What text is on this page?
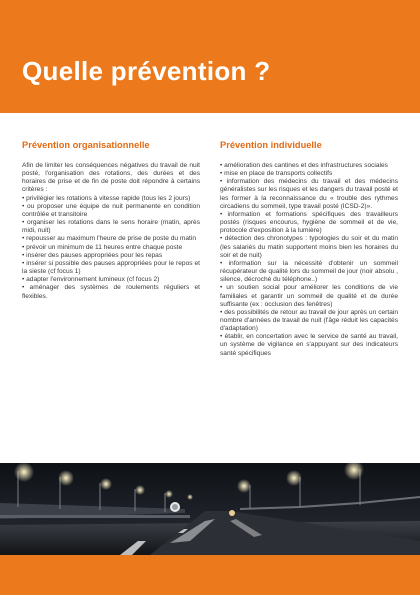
Quelle prévention ?
Prévention organisationnelle

Afin de limiter les conséquences négatives du travail de nuit posté, l'organisation des rotations, des durées et des horaires de prise et de fin de poste doit répondre à certains critères :

• privilégier les rotations à vitesse rapide (tous les 2 jours)

• ou proposer une équipe de nuit permanente en condition contrôlée et transitoire

• organiser les rotations dans le sens horaire (matin, après midi, nuit)

• repousser au maximum l'heure de prise de poste du matin

• prévoir un minimum de 11 heures entre chaque poste

• insérer des pauses appropriées pour les repas

• insérer si possible des pauses appropriées pour le repos et la sieste (cf focus 1)

• adapter l'environnement lumineux (cf focus 2)

• aménager des systèmes de roulements réguliers et flexibles.

Prévention individuelle

• amélioration des cantines et des infrastructures sociales

• mise en place de transports collectifs

• information des médecins du travail et des médecins généralistes sur les risques et les dangers du travail posté et les former à la reconnaissance du « trouble des rythmes circadiens du sommeil, type travail posté (ICSD-2)».

• information et formations spécifiques des travailleurs postés (risques encourus, hygiène de sommeil et de vie, protocole d'exposition à la lumière)

• détection des chronotypes : typologies du soir et du matin (les salariés du matin supportent moins bien les horaires du soir et de nuit)

• information sur la nécessité d'obtenir un sommeil récupérateur de qualité lors du sommeil de jour (noir absolu , silence, décroché du téléphone..)

• un soutien social pour améliorer les conditions de vie familiales et garantir un sommeil de qualité et de durée suffisante (ex : occlusion des fenêtres)

• des possibilités de retour au travail de jour après un certain nombre d'années de travail de nuit (l'âge réduit les capacités d'adaptation)

• établir, en concertation avec le service de santé au travail, un système de vigilance en s'appuyant sur des indicateurs santé spécifiques
